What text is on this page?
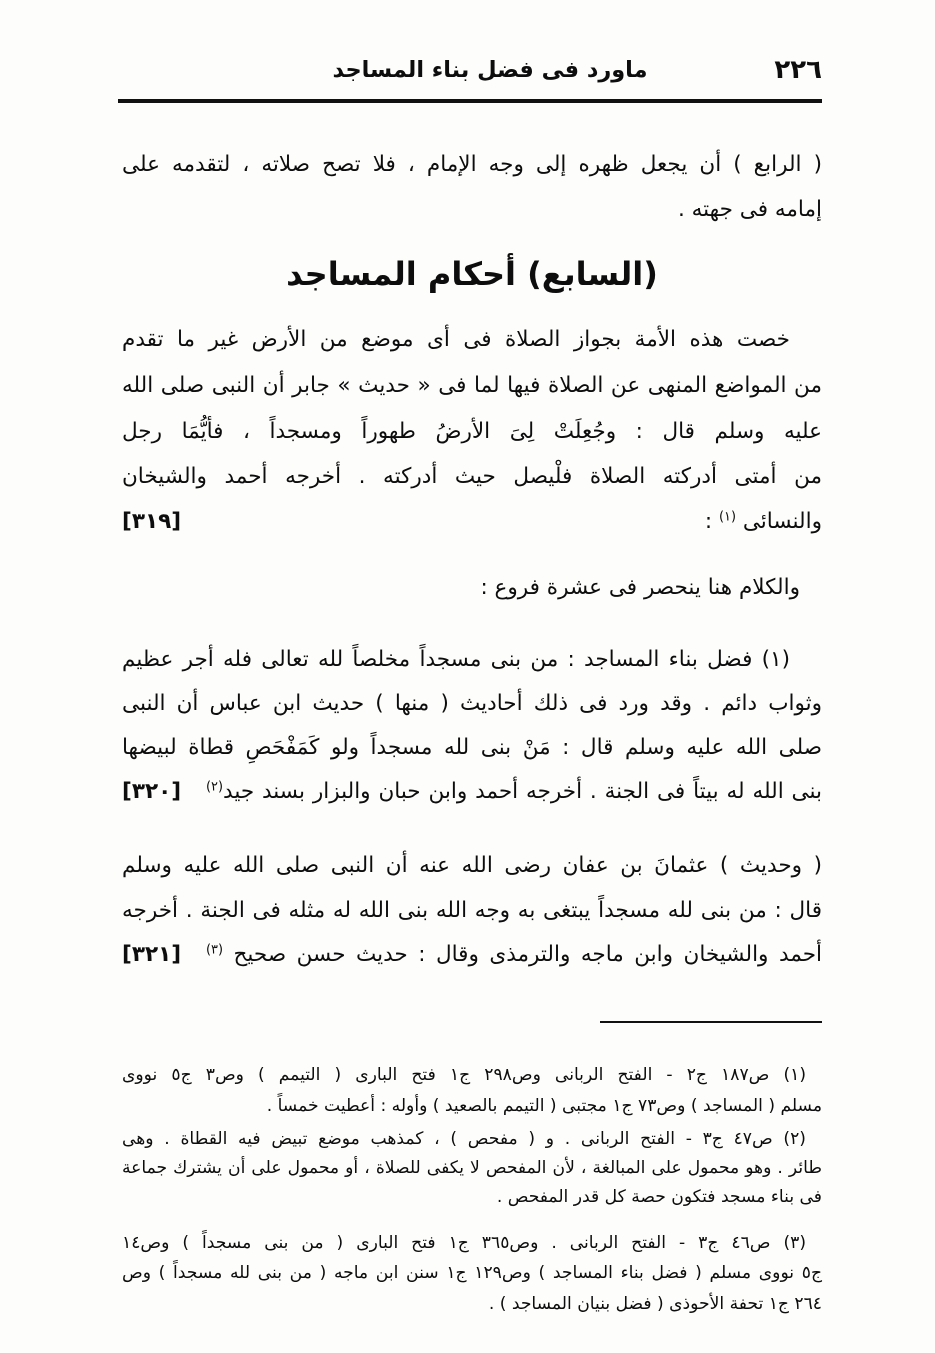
٢٢٦
ماورد فى فضل بناء المساجد
( الرابع ) أن يجعل ظهره إلى وجه الإمام ، فلا تصح صلاته ، لتقدمه على
إمامه فى جهته .
(السابع) أحكام المساجد
خصت هذه الأمة بجواز الصلاة فى أى موضع من الأرض غير ما تقدم
من المواضع المنهى عن الصلاة فيها لما فى « حديث » جابر أن النبى صلى الله
عليه وسلم قال : وجُعِلَتْ لِىَ الأرضُ طهوراً ومسجداً ، فأيُّمَا رجل
من أمتى أدركته الصلاة فلْيصل حيث أدركته . أخرجه أحمد والشيخان
والنسائى $^{(١)}$ :
[٣١٩]
والكلام هنا ينحصر فى عشرة فروع :
(١) فضل بناء المساجد : من بنى مسجداً مخلصاً لله تعالى فله أجر عظيم
وثواب دائم . وقد ورد فى ذلك أحاديث ( منها ) حديث ابن عباس أن النبى
صلى الله عليه وسلم قال : مَنْ بنى لله مسجداً ولو كَمَفْحَصِ قطاة لبيضها
بنى الله له بيتاً فى الجنة . أخرجه أحمد وابن حبان والبزار بسند جيد$^{(٢)}$
[٣٢٠]
( وحديث ) عثمانَ بن عفان رضى الله عنه أن النبى صلى الله عليه وسلم
قال : من بنى لله مسجداً يبتغى به وجه الله بنى الله له مثله فى الجنة . أخرجه
أحمد والشيخان وابن ماجه والترمذى وقال : حديث حسن صحيح $^{(٣)}$
[٣٢١]
(١) ص١٨٧ ج٢ - الفتح الربانى وص٢٩٨ ج١ فتح البارى ( التيمم ) وص٣ ج٥ نووى
مسلم ( المساجد ) وص٧٣ ج١ مجتبى ( التيمم بالصعيد ) وأوله : أعطيت خمساً .
(٢) ص٤٧ ج٣ - الفتح الربانى . و ( مفحص ) ، كمذهب موضع تبيض فيه القطاة . وهى
طائر . وهو محمول على المبالغة ، لأن المفحص لا يكفى للصلاة ، أو محمول على أن يشترك جماعة
فى بناء مسجد فتكون حصة كل قدر المفحص .
(٣) ص٤٦ ج٣ - الفتح الربانى . وص٣٦٥ ج١ فتح البارى ( من بنى مسجداً ) وص١٤
ج٥ نووى مسلم ( فضل بناء المساجد ) وص١٢٩ ج١ سنن ابن ماجه ( من بنى لله مسجداً ) وص
٢٦٤ ج١ تحفة الأحوذى ( فضل بنيان المساجد ) .
